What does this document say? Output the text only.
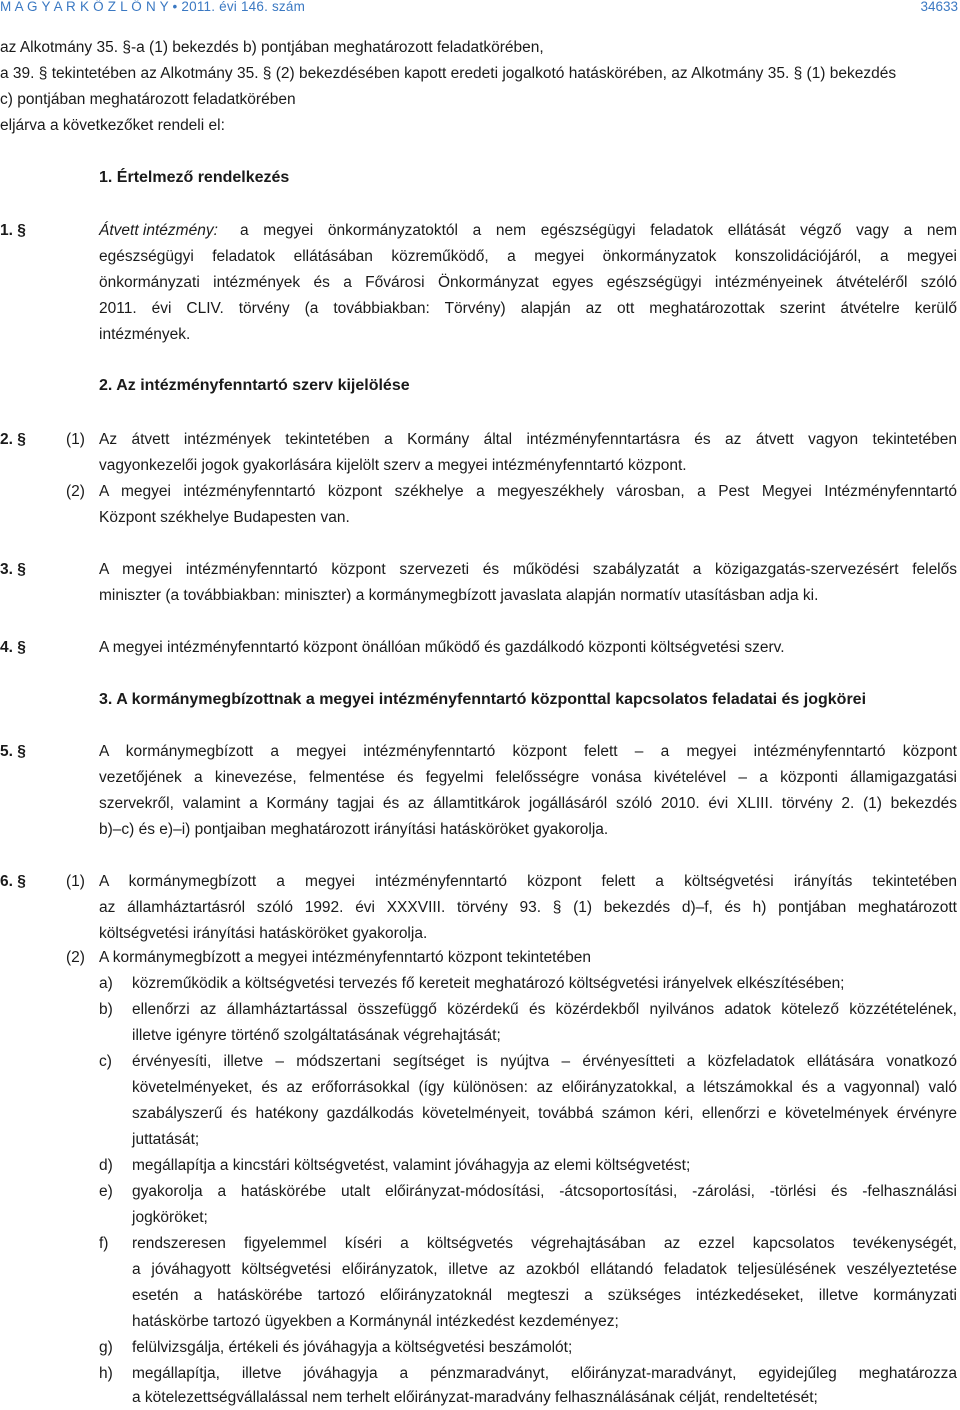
M A G Y A R K Ö Z L Ö N Y • 2011. évi 146. szám	34633
az Alkotmány 35. §-a (1) bekezdés b) pontjában meghatározott feladatkörében,
a 39. § tekintetében az Alkotmány 35. § (2) bekezdésében kapott eredeti jogalkotó hatáskörében, az Alkotmány 35. § (1) bekezdés
c) pontjában meghatározott feladatkörében
eljárva a következőket rendeli el:
1. Értelmező rendelkezés
1. §	Átvett intézmény: a megyei önkormányzatoktól a nem egészségügyi feladatok ellátását végző vagy a nem
egészségügyi feladatok ellátásában közreműködő, a megyei önkormányzatok konszolidációjáról, a megyei
önkormányzati intézmények és a Fővárosi Önkormányzat egyes egészségügyi intézményeinek átvételéről szóló
2011. évi CLIV. törvény (a továbbiakban: Törvény) alapján az ott meghatározottak szerint átvételre kerülő
intézmények.
2. Az intézményfenntartó szerv kijelölése
2. §	(1) Az átvett intézmények tekintetében a Kormány által intézményfenntartásra és az átvett vagyon tekintetében
vagyonkezelői jogok gyakorlására kijelölt szerv a megyei intézményfenntartó központ.
(2) A megyei intézményfenntartó központ székhelye a megyeszékhely városban, a Pest Megyei Intézményfenntartó
Központ székhelye Budapesten van.
3. §	A megyei intézményfenntartó központ szervezeti és működési szabályzatát a közigazgatás-szervezésért felelős
miniszter (a továbbiakban: miniszter) a kormánymegbízott javaslata alapján normatív utasításban adja ki.
4. §	A megyei intézményfenntartó központ önállóan működő és gazdálkodó központi költségvetési szerv.
3. A kormánymegbízottnak a megyei intézményfenntartó központtal kapcsolatos feladatai és jogkörei
5. §	A kormánymegbízott a megyei intézményfenntartó központ felett – a megyei intézményfenntartó központ
vezetőjének a kinevezése, felmentése és fegyelmi felelősségre vonása kivételével – a központi államigazgatási
szervekről, valamint a Kormány tagjai és az államtitkárok jogállásáról szóló 2010. évi XLIII. törvény 2. (1) bekezdés
b)–c) és e)–i) pontjaiban meghatározott irányítási hatásköröket gyakorolja.
6. §	(1) A kormánymegbízott a megyei intézményfenntartó központ felett a költségvetési irányítás tekintetében
az államháztartásról szóló 1992. évi XXXVIII. törvény 93. § (1) bekezdés d)–f, és h) pontjában meghatározott
költségvetési irányítási hatásköröket gyakorolja.
(2) A kormánymegbízott a megyei intézményfenntartó központ tekintetében
a) közreműködik a költségvetési tervezés fő kereteit meghatározó költségvetési irányelvek elkészítésében;
b) ellenőrzi az államháztartással összefüggő közérdekű és közérdekből nyilvános adatok kötelező közzétételének,
illetve igényre történő szolgáltatásának végrehajtását;
c) érvényesíti, illetve – módszertani segítséget is nyújtva – érvényesítteti a közfeladatok ellátására vonatkozó
követelményeket, és az erőforrásokkal (így különösen: az előirányzatokkal, a létszámokkal és a vagyonnal) való
szabályszerű és hatékony gazdálkodás követelményeit, továbbá számon kéri, ellenőrzi e követelmények érvényre
juttatását;
d) megállapítja a kincstári költségvetést, valamint jóváhagyja az elemi költségvetést;
e) gyakorolja a hatáskörébe utalt előirányzat-módosítási, -átcsoportosítási, -zárolási, -törlési és -felhasználási
jogköröket;
f) rendszeresen figyelemmel kíséri a költségvetés végrehajtásában az ezzel kapcsolatos tevékenységét,
a jóváhagyott költségvetési előirányzatok, illetve az azokból ellátandó feladatok teljesülésének veszélyeztetése
esetén a hatáskörébe tartozó előirányzatoknál megteszi a szükséges intézkedéseket, illetve kormányzati
hatáskörbe tartozó ügyekben a Kormánynál intézkedést kezdeményez;
g) felülvizsgálja, értékeli és jóváhagyja a költségvetési beszámolót;
h) megállapítja, illetve jóváhagyja a pénzmaradványt, előirányzat-maradványt, egyidejűleg meghatározza
a kötelezettségvállalással nem terhelt előirányzat-maradvány felhasználásának célját, rendeltetését;
